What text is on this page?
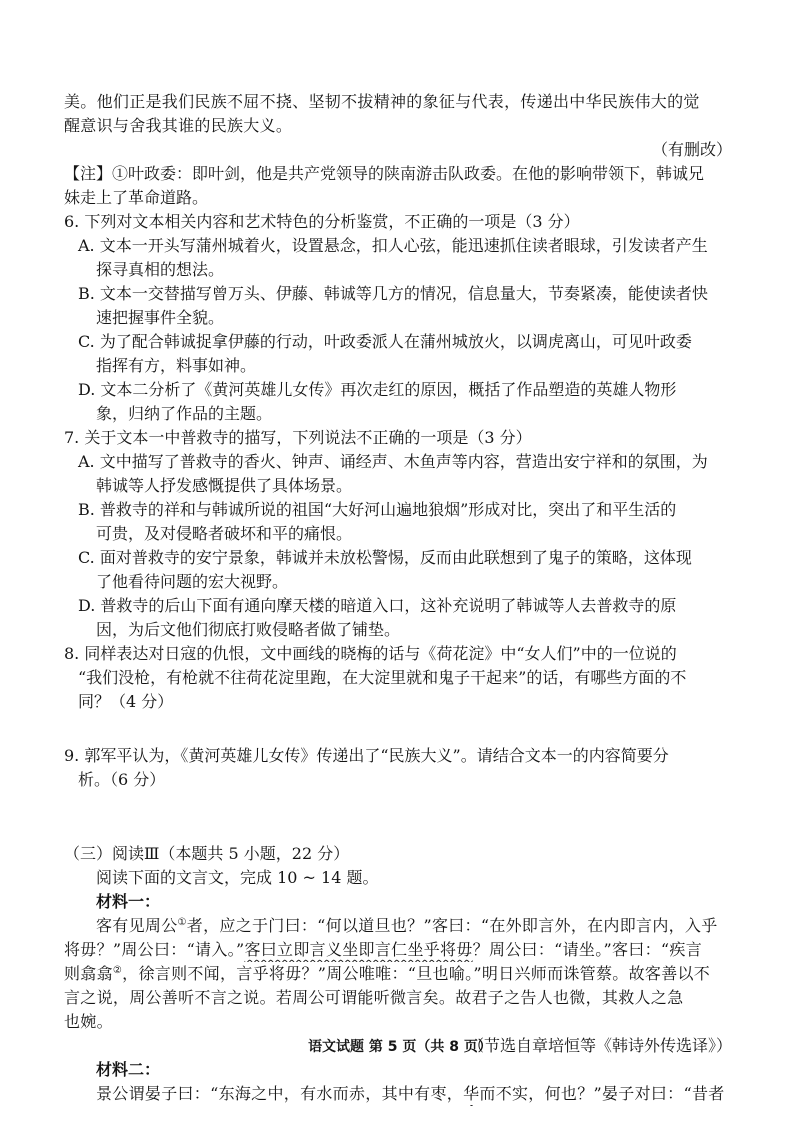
美。他们正是我们民族不屈不挠、坚韧不拔精神的象征与代表，传递出中华民族伟大的觉
醒意识与舍我其谁的民族大义。
（有删改）
【注】①叶政委：即叶剑，他是共产党领导的陕南游击队政委。在他的影响带领下，韩诚兄
妹走上了革命道路。
6. 下列对文本相关内容和艺术特色的分析鉴赏，不正确的一项是（3 分）
A. 文本一开头写蒲州城着火，设置悬念，扣人心弦，能迅速抓住读者眼球，引发读者产生
探寻真相的想法。
B. 文本一交替描写曾万头、伊藤、韩诚等几方的情况，信息量大，节奏紧凑，能使读者快
速把握事件全貌。
C. 为了配合韩诚捉拿伊藤的行动，叶政委派人在蒲州城放火，以调虎离山，可见叶政委
指挥有方，料事如神。
D. 文本二分析了《黄河英雄儿女传》再次走红的原因，概括了作品塑造的英雄人物形
象，归纳了作品的主题。
7. 关于文本一中普救寺的描写，下列说法不正确的一项是（3 分）
A. 文中描写了普救寺的香火、钟声、诵经声、木鱼声等内容，营造出安宁祥和的氛围，为
韩诚等人抒发感慨提供了具体场景。
B. 普救寺的祥和与韩诚所说的祖国“大好河山遍地狼烟”形成对比，突出了和平生活的
可贵，及对侵略者破坏和平的痛恨。
C. 面对普救寺的安宁景象，韩诚并未放松警惕，反而由此联想到了鬼子的策略，这体现
了他看待问题的宏大视野。
D. 普救寺的后山下面有通向摩天楼的暗道入口，这补充说明了韩诚等人去普救寺的原
因，为后文他们彻底打败侵略者做了铺垫。
8. 同样表达对日寇的仇恨，文中画线的晓梅的话与《荷花淀》中“女人们”中的一位说的
“我们没枪，有枪就不往荷花淀里跑，在大淀里就和鬼子干起来”的话，有哪些方面的不
同？（4 分）
9. 郭军平认为，《黄河英雄儿女传》传递出了“民族大义”。请结合文本一的内容简要分
析。（6 分）
（三）阅读Ⅲ（本题共 5 小题，22 分）
阅读下面的文言文，完成 10 ~ 14 题。
材料一：
客有见周公①者，应之于门曰：“何以道旦也？”客曰：“在外即言外，在内即言内，入乎
将毋？”周公曰：“请入。”客曰立即言义坐即言仁坐乎将毋？周公曰：“请坐。”客曰：“疾言
则翕翕②，徐言则不闻，言乎将毋？”周公唯唯：“旦也喻。”明日兴师而诛管蔡。故客善以不
言之说，周公善听不言之说。若周公可谓能听微言矣。故君子之告人也微，其救人之急
也婉。
（节选自章培恒等《韩诗外传选译》）
材料二：
景公谓晏子曰：“东海之中，有水而赤，其中有枣，华而不实，何也？”晏子对曰：“昔者
语文试题 第 5 页（共 8 页）
